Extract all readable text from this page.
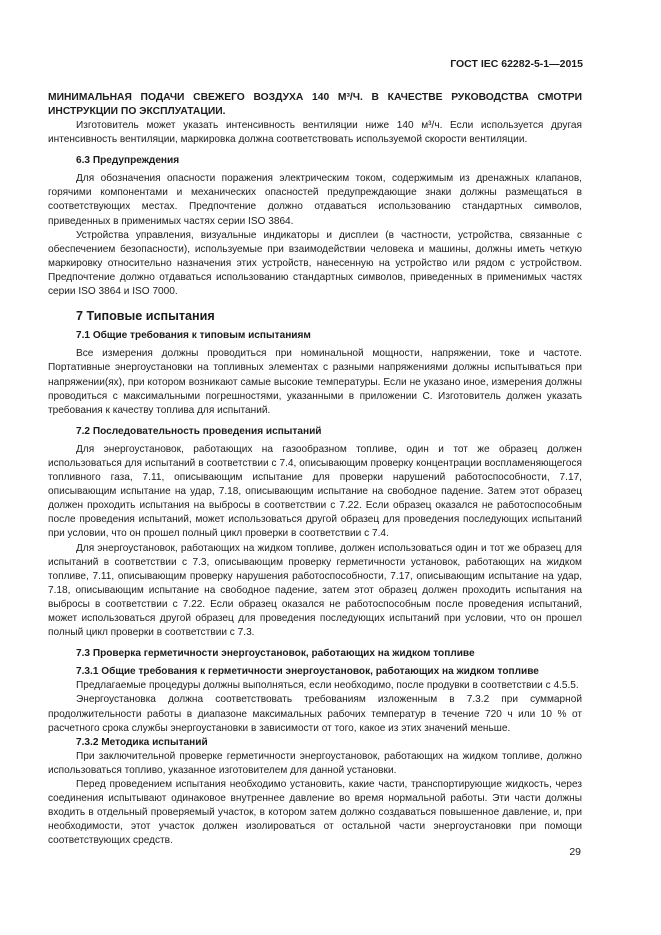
ГОСТ IEC 62282-5-1—2015

МИНИМАЛЬНАЯ ПОДАЧИ СВЕЖЕГО ВОЗДУХА 140 М³/Ч. В КАЧЕСТВЕ РУКОВОДСТВА СМОТРИ ИНСТРУКЦИИ ПО ЭКСПЛУАТАЦИИ.

Изготовитель может указать интенсивность вентиляции ниже 140 м³/ч. Если используется другая интенсивность вентиляции, маркировка должна соответствовать используемой скорости вентиляции.

6.3 Предупреждения

Для обозначения опасности поражения электрическим током, содержимым из дренажных клапанов, горячими компонентами и механических опасностей предупреждающие знаки должны размещаться в соответствующих местах. Предпочтение должно отдаваться использованию стандартных символов, приведенных в применимых частях серии ISO 3864.

Устройства управления, визуальные индикаторы и дисплеи (в частности, устройства, связанные с обеспечением безопасности), используемые при взаимодействии человека и машины, должны иметь четкую маркировку относительно назначения этих устройств, нанесенную на устройство или рядом с устройством. Предпочтение должно отдаваться использованию стандартных символов, приведенных в применимых частях серии ISO 3864 и ISO 7000.

7 Типовые испытания
7.1 Общие требования к типовым испытаниям

Все измерения должны проводиться при номинальной мощности, напряжении, токе и частоте. Портативные энергоустановки на топливных элементах с разными напряжениями должны испытываться при напряжении(ях), при котором возникают самые высокие температуры. Если не указано иное, измерения должны проводиться с максимальными погрешностями, указанными в приложении С. Изготовитель должен указать требования к качеству топлива для испытаний.

7.2 Последовательность проведения испытаний

Для энергоустановок, работающих на газообразном топливе, один и тот же образец должен использоваться для испытаний в соответствии с 7.4, описывающим проверку концентрации воспламеняющегося топливного газа, 7.11, описывающим испытание для проверки нарушений работоспособности, 7.17, описывающим испытание на удар, 7.18, описывающим испытание на свободное падение. Затем этот образец должен проходить испытания на выбросы в соответствии с 7.22. Если образец оказался не работоспособным после проведения испытаний, может использоваться другой образец для проведения последующих испытаний при условии, что он прошел полный цикл проверки в соответствии с 7.4.

Для энергоустановок, работающих на жидком топливе, должен использоваться один и тот же образец для испытаний в соответствии с 7.3, описывающим проверку герметичности установок, работающих на жидком топливе, 7.11, описывающим проверку нарушения работоспособности, 7.17, описывающим испытание на удар, 7.18, описывающим испытание на свободное падение, затем этот образец должен проходить испытания на выбросы в соответствии с 7.22. Если образец оказался не работоспособным после проведения испытаний, может использоваться другой образец для проведения последующих испытаний при условии, что он прошел полный цикл проверки в соответствии с 7.3.

7.3 Проверка герметичности энергоустановок, работающих на жидком топливе
7.3.1 Общие требования к герметичности энергоустановок, работающих на жидком топливе

Предлагаемые процедуры должны выполняться, если необходимо, после продувки в соответствии с 4.5.5.

Энергоустановка должна соответствовать требованиям изложенным в 7.3.2 при суммарной продолжительности работы в диапазоне максимальных рабочих температур в течение 720 ч или 10 % от расчетного срока службы энергоустановки в зависимости от того, какое из этих значений меньше.

7.3.2 Методика испытаний

При заключительной проверке герметичности энергоустановок, работающих на жидком топливе, должно использоваться топливо, указанное изготовителем для данной установки.

Перед проведением испытания необходимо установить, какие части, транспортирующие жидкость, через соединения испытывают одинаковое внутреннее давление во время нормальной работы. Эти части должны входить в отдельный проверяемый участок, в котором затем должно создаваться повышенное давление, и, при необходимости, этот участок должен изолироваться от остальной части энергоустановки при помощи соответствующих средств.

29
